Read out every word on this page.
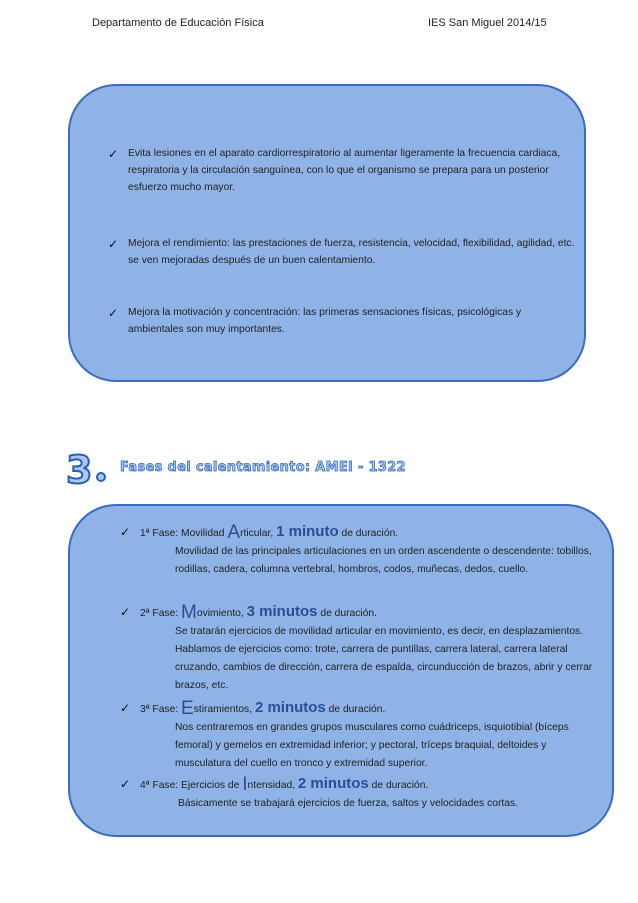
Departamento de Educación Física	IES San Miguel 2014/15
✓ Evita lesiones en el aparato cardiorrespiratorio al aumentar ligeramente la frecuencia cardiaca, respiratoria y la circulación sanguínea, con lo que el organismo se prepara para un posterior esfuerzo mucho mayor.
✓ Mejora el rendimiento: las prestaciones de fuerza, resistencia, velocidad, flexibilidad, agilidad, etc. se ven mejoradas después de un buen calentamiento.
✓ Mejora la motivación y concentración: las primeras sensaciones físicas, psicológicas y ambientales son muy importantes.
3 Fases del calentamiento: AMEI - 1322
✓ 1ª Fase: Movilidad Articular, 1 minuto de duración.
Movilidad de las principales articulaciones en un orden ascendente o descendente: tobillos, rodillas, cadera, columna vertebral, hombros, codos, muñecas, dedos, cuello.
✓ 2ª Fase: Movimiento, 3 minutos de duración.
Se tratarán ejercicios de movilidad articular en movimiento, es decir, en desplazamientos. Hablamos de ejercicios como: trote, carrera de puntillas, carrera lateral, carrera lateral cruzando, cambios de dirección, carrera de espalda, circunducción de brazos, abrir y cerrar brazos, etc.
✓ 3ª Fase: Estiramientos, 2 minutos de duración.
Nos centraremos en grandes grupos musculares como cuádriceps, isquiotibial (bíceps femoral) y gemelos en extremidad inferior; y pectoral, tríceps braquial, deltoides y musculatura del cuello en tronco y extremidad superior.
✓ 4ª Fase: Ejercicios de Intensidad, 2 minutos de duración.
Básicamente se trabajará ejercicios de fuerza, saltos y velocidades cortas.
